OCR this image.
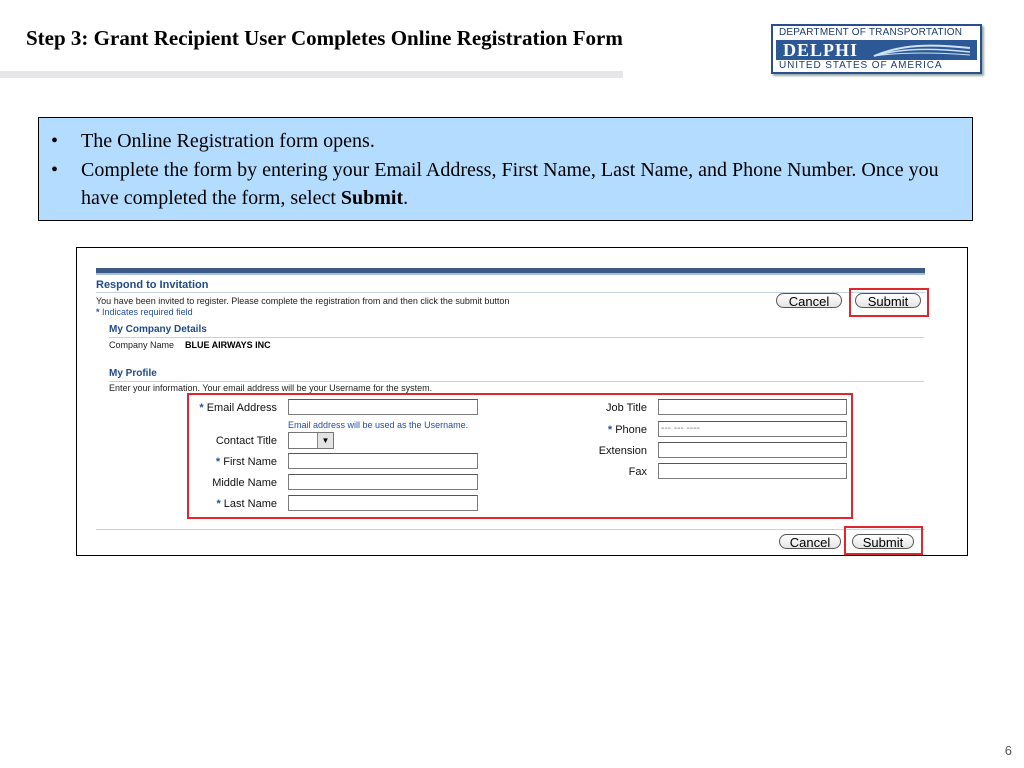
Step 3: Grant Recipient User Completes Online Registration Form	DEPARTMENT OF TRANSPORTATION
DELPHI
UNITED STATES OF AMERICA
• The Online Registration form opens.
• Complete the form by entering your Email Address, First Name, Last Name, and Phone Number. Once you have completed the form, select Submit.
Respond to Invitation
You have been invited to register. Please complete the registration from and then click the submit button
* Indicates required field
Cancel	Submit
My Company Details
Company Name BLUE AIRWAYS INC
My Profile
Enter your information. Your email address will be your Username for the system.
* Email Address
Email address will be used as the Username.
Contact Title	▼
* First Name
Middle Name
* Last Name
Job Title
* Phone	--- --- ----
Extension
Fax
Cancel	Submit
6
